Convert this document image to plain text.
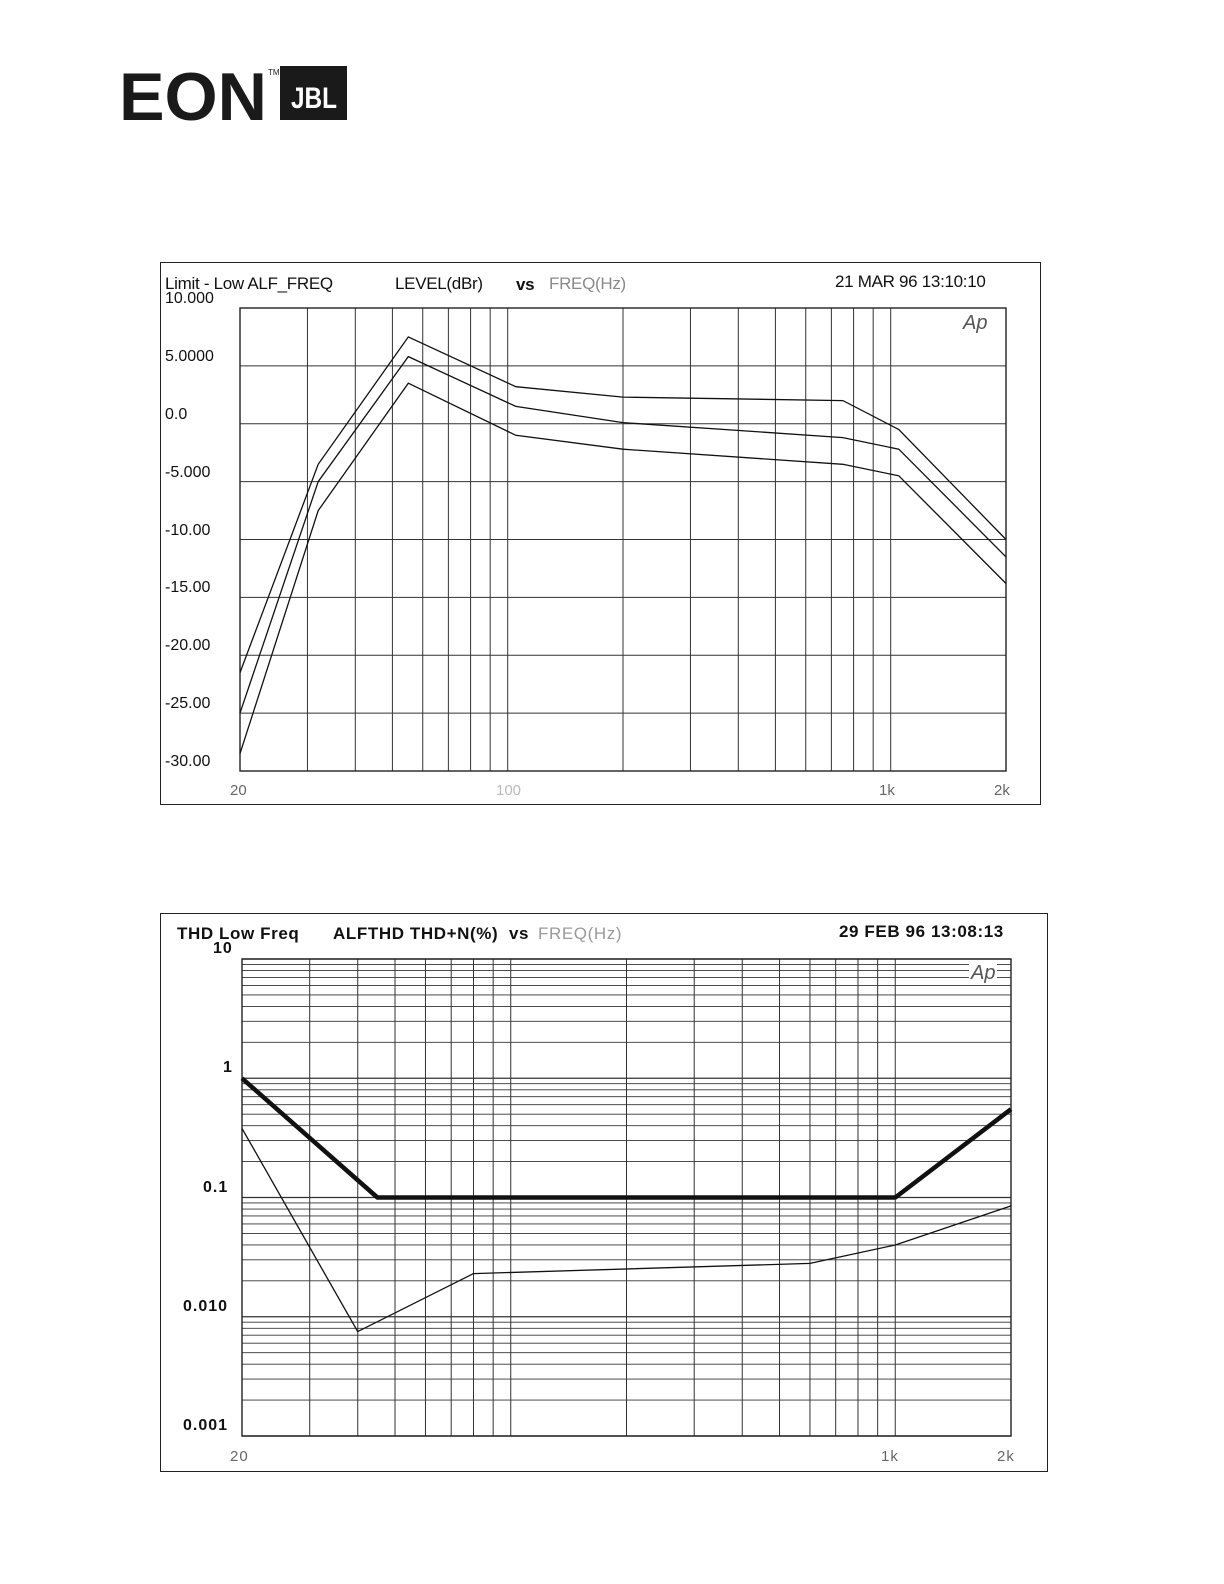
EON TM
JBL
Limit - Low ALF_FREQ	LEVEL(dBr) vs FREQ(Hz)	21 MAR 96 13:10:10
10.000
5.0000
0.0
-5.000
-10.00
-15.00
-20.00
-25.00
-30.00
20	100	1k	2k
Ap
THD Low Freq ALFTHD THD+N(%) vs FREQ(Hz)	29 FEB 96 13:08:13
10
1
0.1
0.010
0.001
20	1k	2k
Ap
